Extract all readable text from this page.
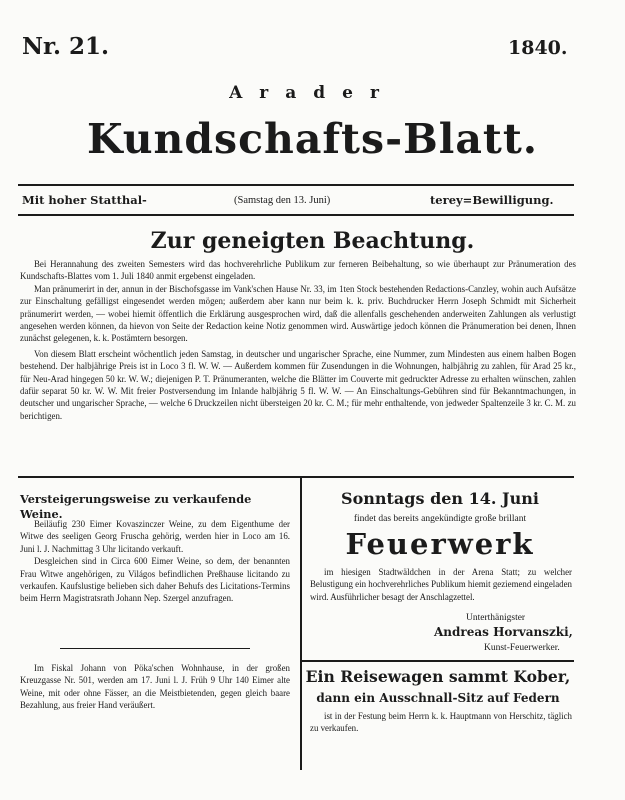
Nr. 21.	1840.
Arader
Kundschafts-Blatt.
Mit hoher Statthal-	(Samstag den 13. Juni)	terey=Bewilligung.
Zur geneigten Beachtung.

Bei Herannahung des zweiten Semesters wird das hochverehrliche Publikum zur ferneren Beibehaltung, so wie überhaupt zur Pränumeration des Kundschafts-Blattes vom 1. Juli 1840 anmit ergebenst eingeladen.

Man pränumerirt in der, annun in der Bischofsgasse im Vank'schen Hause Nr. 33, im 1ten Stock bestehenden Redactions-Canzley, wohin auch Aufsätze zur Einschaltung gefälligst eingesendet werden mögen; außerdem aber kann nur beim k. k. priv. Buchdrucker Herrn Joseph Schmidt mit Sicherheit pränumerirt werden, — wobei hiemit öffentlich die Erklärung ausgesprochen wird, daß die allenfalls geschehenden anderweiten Zahlungen als verlustigt angesehen werden können, da hievon von Seite der Redaction keine Notiz genommen wird. Auswärtige jedoch können die Pränumeration bei denen, Ihnen zunächst gelegenen, k. k. Postämtern besorgen.

Von diesem Blatt erscheint wöchentlich jeden Samstag, in deutscher und ungarischer Sprache, eine Nummer, zum Mindesten aus einem halben Bogen bestehend. Der halbjährige Preis ist in Loco 3 fl. W. W. — Außerdem kommen für Zusendungen in die Wohnungen, halbjährig zu zahlen, für Arad 25 kr., für Neu-Arad hingegen 50 kr. W. W.; diejenigen P. T. Pränumeranten, welche die Blätter im Couverte mit gedruckter Adresse zu erhalten wünschen, zahlen dafür separat 50 kr. W. W. Mit freier Postversendung im Inlande halbjährig 5 fl. W. W. — An Einschaltungs-Gebühren sind für Bekanntmachungen, in deutscher und ungarischer Sprache, — welche 6 Druckzeilen nicht übersteigen 20 kr. C. M.; für mehr enthaltende, von jedweder Spaltenzeile 3 kr. C. M. zu berichtigen.

Versteigerungsweise zu verkaufende Weine.

Beiläufig 230 Eimer Kovaszinczer Weine, zu dem Eigenthume der Witwe des seeligen Georg Fruscha gehörig, werden hier in Loco am 16. Juni l. J. Nachmittag 3 Uhr licitando verkauft.

Desgleichen sind in Circa 600 Eimer Weine, so dem, der benannten Frau Witwe angehörigen, zu Világos befindlichen Preßhause licitando zu verkaufen. Kaufslustige belieben sich daher Behufs des Licitations-Termins beim Herrn Magistratsrath Johann Nep. Szergel anzufragen.

Im Fiskal Johann von Pöka'schen Wohnhause, in der großen Kreuzgasse Nr. 501, werden am 17. Juni l. J. Früh 9 Uhr 140 Eimer alte Weine, mit oder ohne Fässer, an die Meistbietenden, gegen gleich baare Bezahlung, aus freier Hand veräußert.

Sonntags den 14. Juni
findet das bereits angekündigte große brillant
Feuerwerk

im hiesigen Stadtwäldchen in der Arena Statt; zu welcher Belustigung ein hochverehrliches Publikum hiemit geziemend eingeladen wird. Ausführlicher besagt der Anschlagzettel.

Unterthänigster
Andreas Horvanszki,
Kunst-Feuerwerker.
Ein Reisewagen sammt Kober,
dann ein Ausschnall-Sitz auf Federn

ist in der Festung beim Herrn k. k. Hauptmann von Herschitz, täglich zu verkaufen.
